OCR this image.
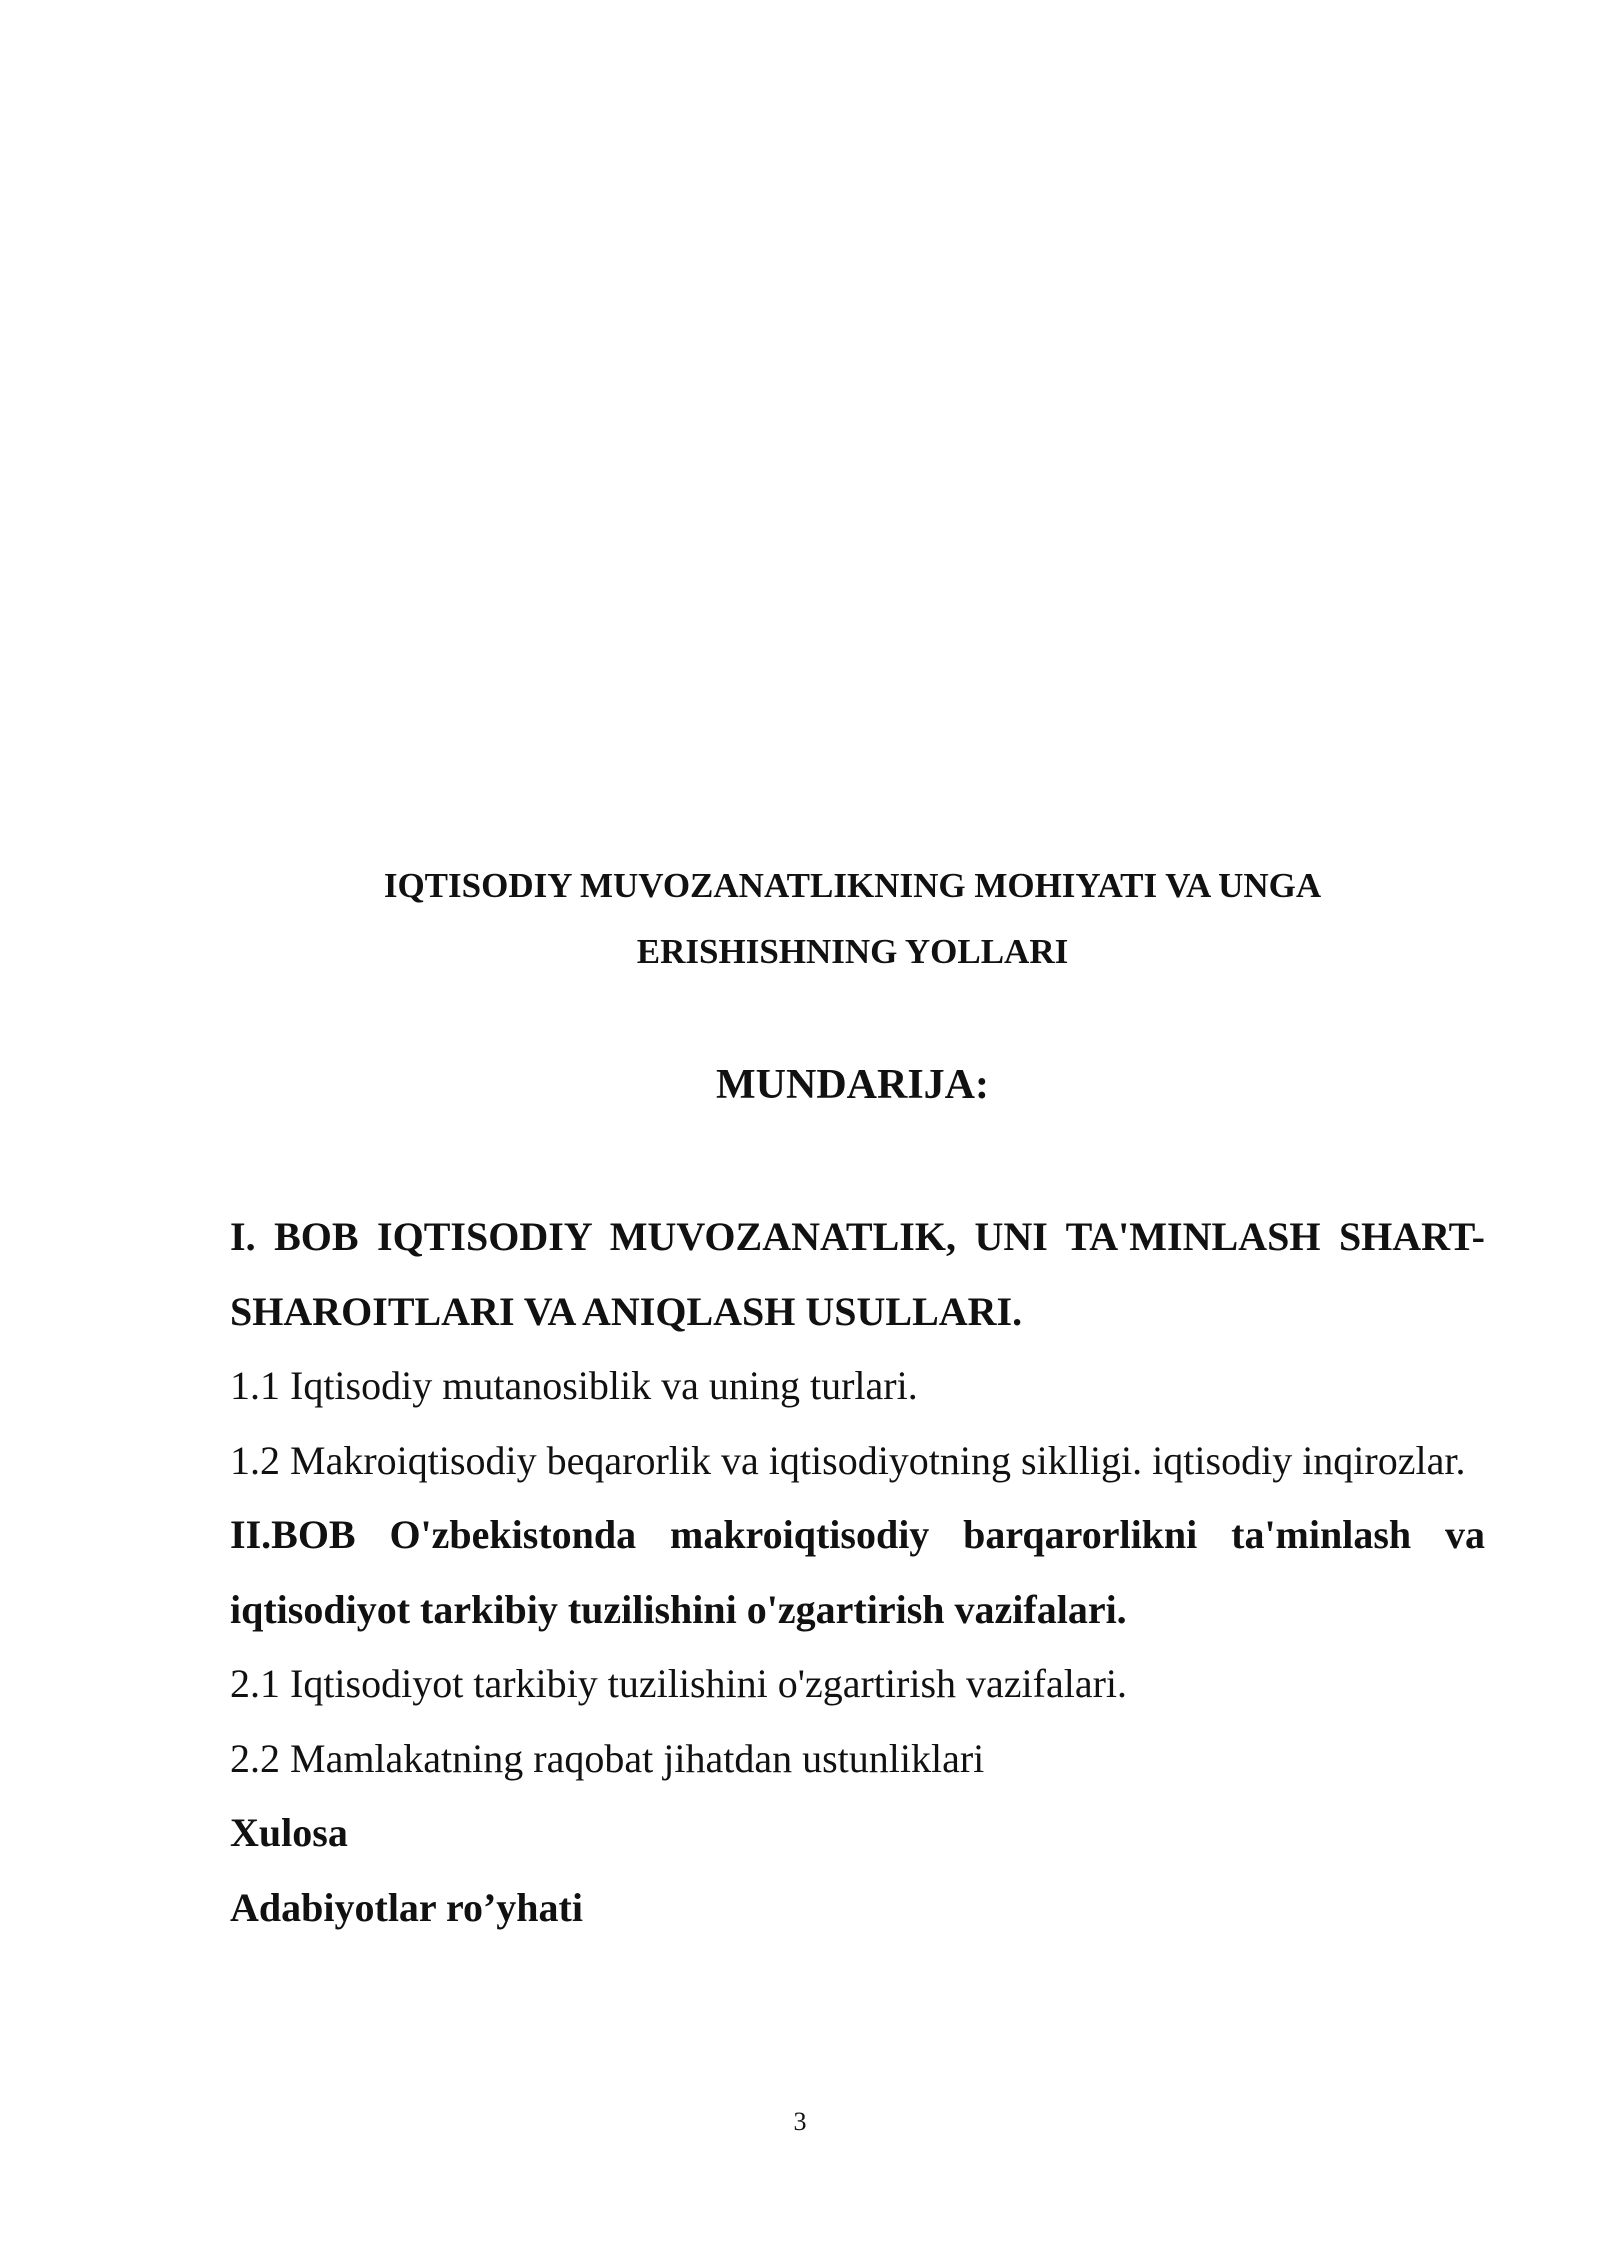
IQTISODIY MUVOZANATLIKNING MOHIYATI VA UNGA
ERISHISHNING YOLLARI
MUNDARIJA:

I. BOB IQTISODIY MUVOZANATLIK, UNI TA'MINLASH SHART-SHAROITLARI VA ANIQLASH USULLARI.

1.1 Iqtisodiy mutanosiblik va uning turlari.

1.2 Makroiqtisodiy beqarorlik va iqtisodiyotning siklligi. iqtisodiy inqirozlar.

II.BOB O'zbekistonda makroiqtisodiy barqarorlikni ta'minlash va iqtisodiyot tarkibiy tuzilishini o'zgartirish vazifalari.

2.1 Iqtisodiyot tarkibiy tuzilishini o'zgartirish vazifalari.

2.2 Mamlakatning raqobat jihatdan ustunliklari

Xulosa

Adabiyotlar ro’yhati

3
